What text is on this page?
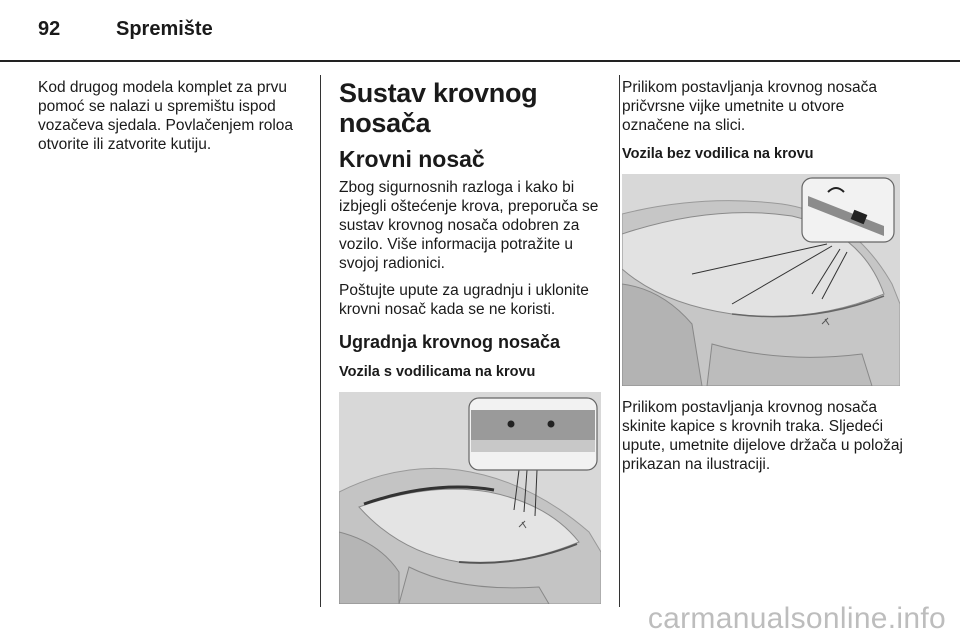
92	Spremište

Kod drugog modela komplet za prvu pomoć se nalazi u spremištu ispod vozačeva sjedala. Povlačenjem roloa otvorite ili zatvorite kutiju.

Sustav krovnog nosača
Krovni nosač

Zbog sigurnosnih razloga i kako bi izbjegli oštećenje krova, preporuča se sustav krovnog nosača odobren za vozilo. Više informacija potražite u svojoj radionici.

Poštujte upute za ugradnju i uklonite krovni nosač kada se ne koristi.

Ugradnja krovnog nosača
Vozila s vodilicama na krovu

Prilikom postavljanja krovnog nosača pričvrsne vijke umetnite u otvore označene na slici.

Vozila bez vodilica na krovu

Prilikom postavljanja krovnog nosača skinite kapice s krovnih traka. Sljedeći upute, umetnite dijelove držača u položaj prikazan na ilustraciji.

carmanualsonline.info
